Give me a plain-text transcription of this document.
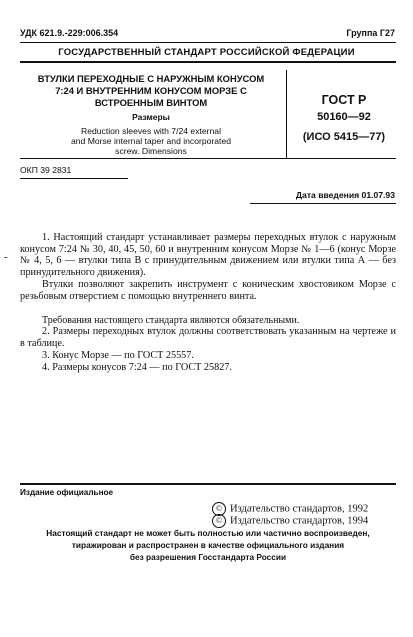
УДК 621.9.-229:006.354	Группа Г27
ГОСУДАРСТВЕННЫЙ СТАНДАРТ РОССИЙСКОЙ ФЕДЕРАЦИИ
ВТУЛКИ ПЕРЕХОДНЫЕ С НАРУЖНЫМ КОНУСОМ
7:24 И ВНУТРЕННИМ КОНУСОМ МОРЗЕ С
ВСТРОЕННЫМ ВИНТОМ
Размеры
Reduction sleeves with 7/24 external
and Morse internal taper and incorporated
screw. Dimensions
ГОСТ Р
50160—92
(ИСО 5415—77)
ОКП 39 2831
Дата введения 01.07.93
-
1. Настоящий стандарт устанавливает размеры переходных втулок с наружным конусом 7:24 № 30, 40, 45, 50, 60 и внутренним конусом Морзе № 1—6 (конус Морзе № 4, 5, 6 — втулки типа В с принудительным движением или втулки типа А — без принудительного движения).
Втулки позволяют закрепить инструмент с коническим хвостовиком Морзе с резьбовым отверстием с помощью внутреннего винта.
Требования настоящего стандарта являются обязательными.
2. Размеры переходных втулок должны соответствовать указанным на чертеже и в таблице.
3. Конус Морзе — по ГОСТ 25557.
4. Размеры конусов 7:24 — по ГОСТ 25827.
Издание официальное
© Издательство стандартов, 1992
© Издательство стандартов, 1994
Настоящий стандарт не может быть полностью или частично воспроизведен,
тиражирован и распространен в качестве официального издания
без разрешения Госстандарта России
